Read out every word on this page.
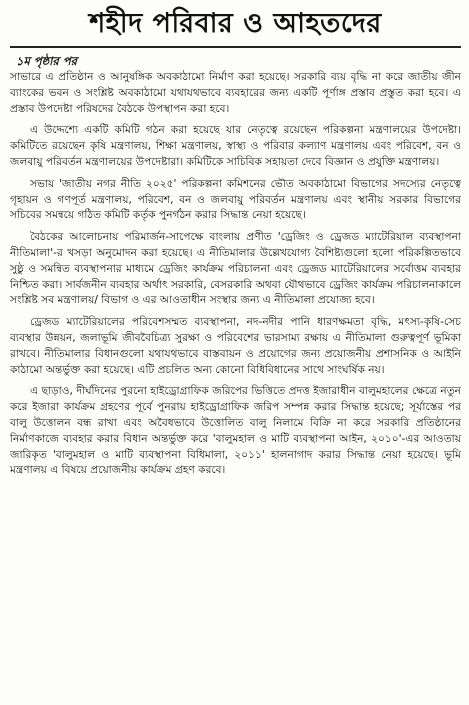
শহীদ পরিবার ও আহতদের
১ম পৃষ্ঠার পর

সাভারে এ প্রতিষ্ঠান ও আনুষঙ্গিক অবকাঠামো নির্মাণ করা হয়েছে। সরকারি ব্যয় বৃদ্ধি না করে জাতীয় জীন ব্যাংকের ভবন ও সংশ্লিষ্ট অবকাঠামো যথাযথভাবে ব্যবহারের জন্য একটি পূর্ণাঙ্গ প্রস্তাব প্রস্তুত করা হবে। এ প্রস্তাব উপদেষ্টা পরিষদের বৈঠকে উপস্থাপন করা হবে।

এ উদ্দেশ্যে একটি কমিটি গঠন করা হয়েছে যার নেতৃত্বে রয়েছেন পরিকল্পনা মন্ত্রণালয়ের উপদেষ্টা। কমিটিতে রয়েছেন কৃষি মন্ত্রণালয়, শিক্ষা মন্ত্রণালয়, স্বাস্থ্য ও পরিবার কল্যাণ মন্ত্রণালয় এবং পরিবেশ, বন ও জলবায়ু পরিবর্তন মন্ত্রণালয়ের উপদেষ্টারা। কমিটিকে সাচিবিক সহায়তা দেবে বিজ্ঞান ও প্রযুক্তি মন্ত্রণালয়।

সভায় 'জাতীয় নগর নীতি ২০২৫' পরিকল্পনা কমিশনের ভৌত অবকাঠামো বিভাগের সদস্যের নেতৃত্বে গৃহায়ন ও গণপূর্ত মন্ত্রণালয়, পরিবেশ, বন ও জলবায়ু পরিবর্তন মন্ত্রণালয় এবং স্থানীয় সরকার বিভাগের সচিবের সমন্বয়ে গঠিত কমিটি কর্তৃক পুনর্গঠন করার সিদ্ধান্ত নেয়া হয়েছে।

বৈঠকের আলোচনায় পরিমার্জন-সাপেক্ষে বাংলায় প্রণীত 'ড্রেজিং ও ড্রেজড ম্যাটেরিয়াল ব্যবস্থাপনা নীতিমালা'-র খসড়া অনুমোদন করা হয়েছে। এ নীতিমালার উল্লেখযোগ্য বৈশিষ্ট্যগুলো হলো পরিকল্পিতভাবে সুষ্ঠু ও সমন্বিত ব্যবস্থাপনার মাধ্যমে ড্রেজিং কার্যক্রম পরিচালনা এবং ড্রেজড ম্যাটেরিয়ালের সর্বোত্তম ব্যবহার নিশ্চিত করা। সার্বজনীন ব্যবহার অর্থাৎ সরকারি, বেসরকারি অথবা যৌথভাবে ড্রেজিং কার্যক্রম পরিচালনাকালে সংশ্লিষ্ট সব মন্ত্রণালয়/ বিভাগ ও এর আওতাধীন সংস্থার জন্য এ নীতিমালা প্রযোজ্য হবে।

ড্রেজড ম্যাটেরিয়ালের পরিবেশসম্মত ব্যবস্থাপনা, নদ-নদীর পানি ধারণক্ষমতা বৃদ্ধি, মৎস্য-কৃষি-সেচ ব্যবস্থার উন্নয়ন, জলাভূমি জীববৈচিত্র্য সুরক্ষা ও পরিবেশের ভারসাম্য রক্ষায় এ নীতিমালা গুরুত্বপূর্ণ ভূমিকা রাখবে। নীতিমালার বিধানগুলো যথাযথভাবে বাস্তবায়ন ও প্রয়োগের জন্য প্রয়োজনীয় প্রশাসনিক ও আইনি কাঠামো অন্তর্ভুক্ত করা হয়েছে। এটি প্রচলিত অন্য কোনো বিধিবিধানের সাথে সাংঘর্ষিক নয়।

এ ছাড়াও, দীর্ঘদিনের পুরনো হাইড্রোগ্রাফিক জরিপের ভিত্তিতে প্রদত্ত ইজারাধীন বালুমহালের ক্ষেত্রে নতুন করে ইজারা কার্যক্রম গ্রহণের পূর্বে পুনরায় হাইড্রোগ্রাফিক জরিপ সম্পন্ন করার সিদ্ধান্ত হয়েছে; সূর্যাস্তের পর বালু উত্তোলন বন্ধ রাখা এবং অবৈধভাবে উত্তোলিত বালু নিলামে বিক্রি না করে সরকারি প্রতিষ্ঠানের নির্মাণকাজে ব্যবহার করার বিধান অন্তর্ভুক্ত করে 'বালুমহাল ও মাটি ব্যবস্থাপনা আইন, ২০১০'-এর আওতায় জারিকৃত 'বালুমহাল ও মাটি ব্যবস্থাপনা বিধিমালা, ২০১১' হালনাগাদ করার সিদ্ধান্ত নেয়া হয়েছে। ভূমি মন্ত্রণালয় এ বিষয়ে প্রয়োজনীয় কার্যক্রম গ্রহণ করবে।
